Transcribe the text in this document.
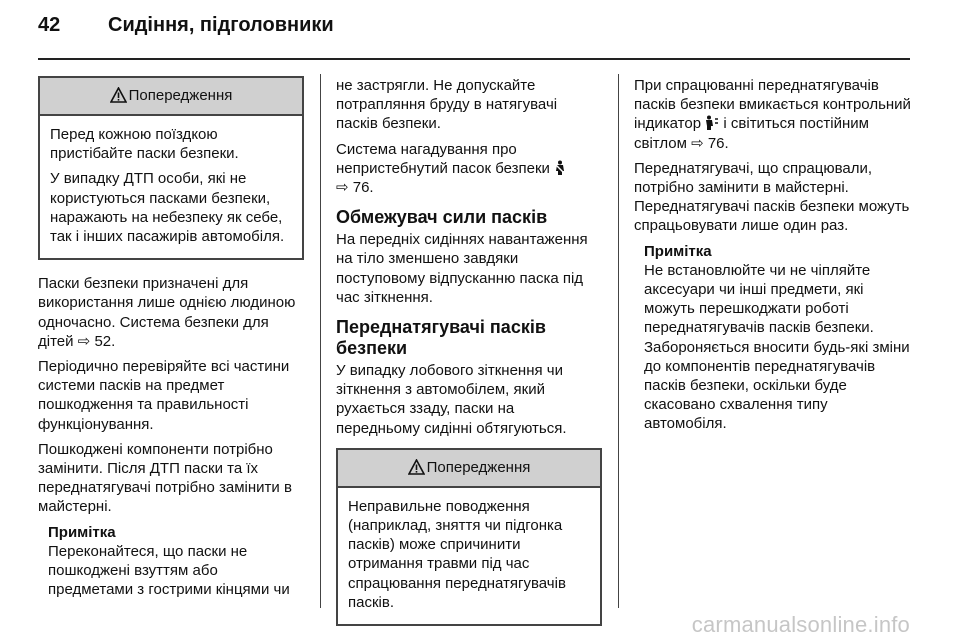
42 Сидіння, підголовники
Попередження

Перед кожною поїздкою пристібайте паски безпеки.

У випадку ДТП особи, які не користуються пасками безпеки, наражають на небезпеку як себе, так і інших пасажирів автомобіля.

Паски безпеки призначені для використання лише однією людиною одночасно. Система безпеки для дітей ⇨ 52.

Періодично перевіряйте всі частини системи пасків на предмет пошкодження та правильності функціонування.

Пошкоджені компоненти потрібно замінити. Після ДТП паски та їх переднатягувачі потрібно замінити в майстерні.

Примітка
Переконайтеся, що паски не пошкоджені взуттям або предметами з гострими кінцями чи

не застрягли. Не допускайте потрапляння бруду в натягувачі пасків безпеки.

Система нагадування про непристебнутий пасок безпеки
⇨ 76.

Обмежувач сили пасків

На передніх сидіннях навантаження на тіло зменшено завдяки поступовому відпусканню паска під час зіткнення.

Переднатягувачі пасків безпеки

У випадку лобового зіткнення чи зіткнення з автомобілем, який рухається ззаду, паски на передньому сидінні обтягуються.

Попередження

Неправильне поводження (наприклад, зняття чи підгонка пасків) може спричинити отримання травми під час спрацювання переднатягувачів пасків.

При спрацюванні переднатягувачів пасків безпеки вмикається контрольний індикатор і світиться постійним світлом ⇨ 76.

Переднатягувачі, що спрацювали, потрібно замінити в майстерні. Переднатягувачі пасків безпеки можуть спрацьовувати лише один раз.

Примітка
Не встановлюйте чи не чіпляйте аксесуари чи інші предмети, які можуть перешкоджати роботі переднатягувачів пасків безпеки. Забороняється вносити будь-які зміни до компонентів переднатягувачів пасків безпеки, оскільки буде скасовано схвалення типу автомобіля.
carmanualsonline.info
